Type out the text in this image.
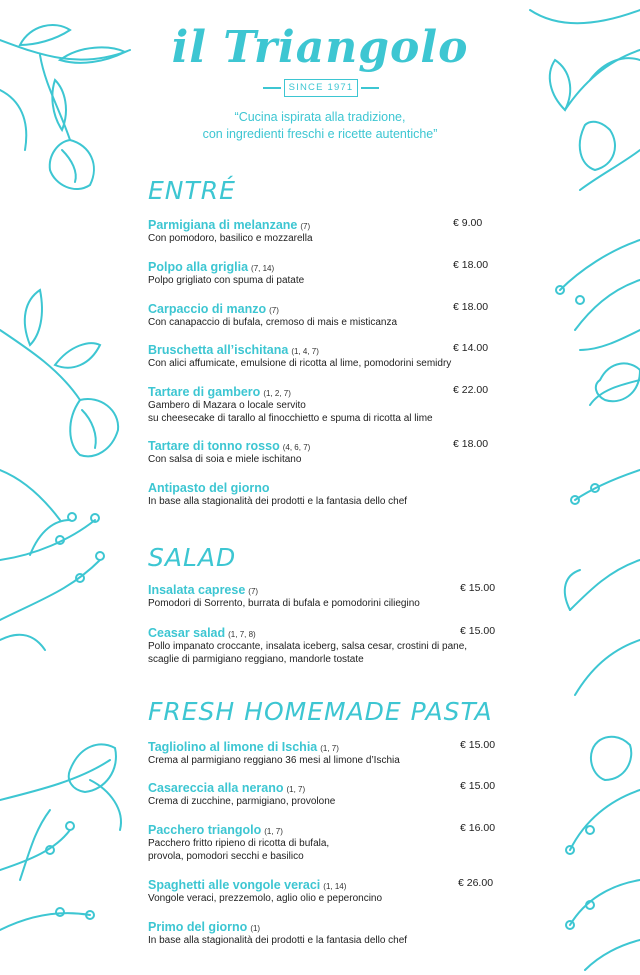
il Triangolo
SINCE 1971
“Cucina ispirata alla tradizione,
con ingredienti freschi e ricette autentiche”
ENTRÉ
Parmigiana di melanzane (7)	€ 9.00
Con pomodoro, basilico e mozzarella
Polpo alla griglia (7, 14)	€ 18.00
Polpo grigliato con spuma di patate
Carpaccio di manzo (7)	€ 18.00
Con canapaccio di bufala, cremoso di mais e misticanza
Bruschetta all’ischitana (1, 4, 7)	€ 14.00
Con alici affumicate, emulsione di ricotta al lime, pomodorini semidry
Tartare di gambero (1, 2, 7)	€ 22.00
Gambero di Mazara o locale servito
su cheesecake di tarallo al finocchietto e spuma di ricotta al lime
Tartare di tonno rosso (4, 6, 7)	€ 18.00
Con salsa di soia e miele ischitano
Antipasto del giorno
In base alla stagionalità dei prodotti e la fantasia dello chef
SALAD
Insalata caprese (7)	€ 15.00
Pomodori di Sorrento, burrata di bufala e pomodorini ciliegino
Ceasar salad (1, 7, 8)	€ 15.00
Pollo impanato croccante, insalata iceberg, salsa cesar, crostini di pane,
scaglie di parmigiano reggiano, mandorle tostate
FRESH HOMEMADE PASTA
Tagliolino al limone di Ischia (1, 7)	€ 15.00
Crema al parmigiano reggiano 36 mesi al limone d’Ischia
Casareccia alla nerano (1, 7)	€ 15.00
Crema di zucchine, parmigiano, provolone
Pacchero triangolo (1, 7)	€ 16.00
Pacchero fritto ripieno di ricotta di bufala,
provola, pomodori secchi e basilico
Spaghetti alle vongole veraci (1, 14)	€ 26.00
Vongole veraci, prezzemolo, aglio olio e peperoncino
Primo del giorno (1)
In base alla stagionalità dei prodotti e la fantasia dello chef
